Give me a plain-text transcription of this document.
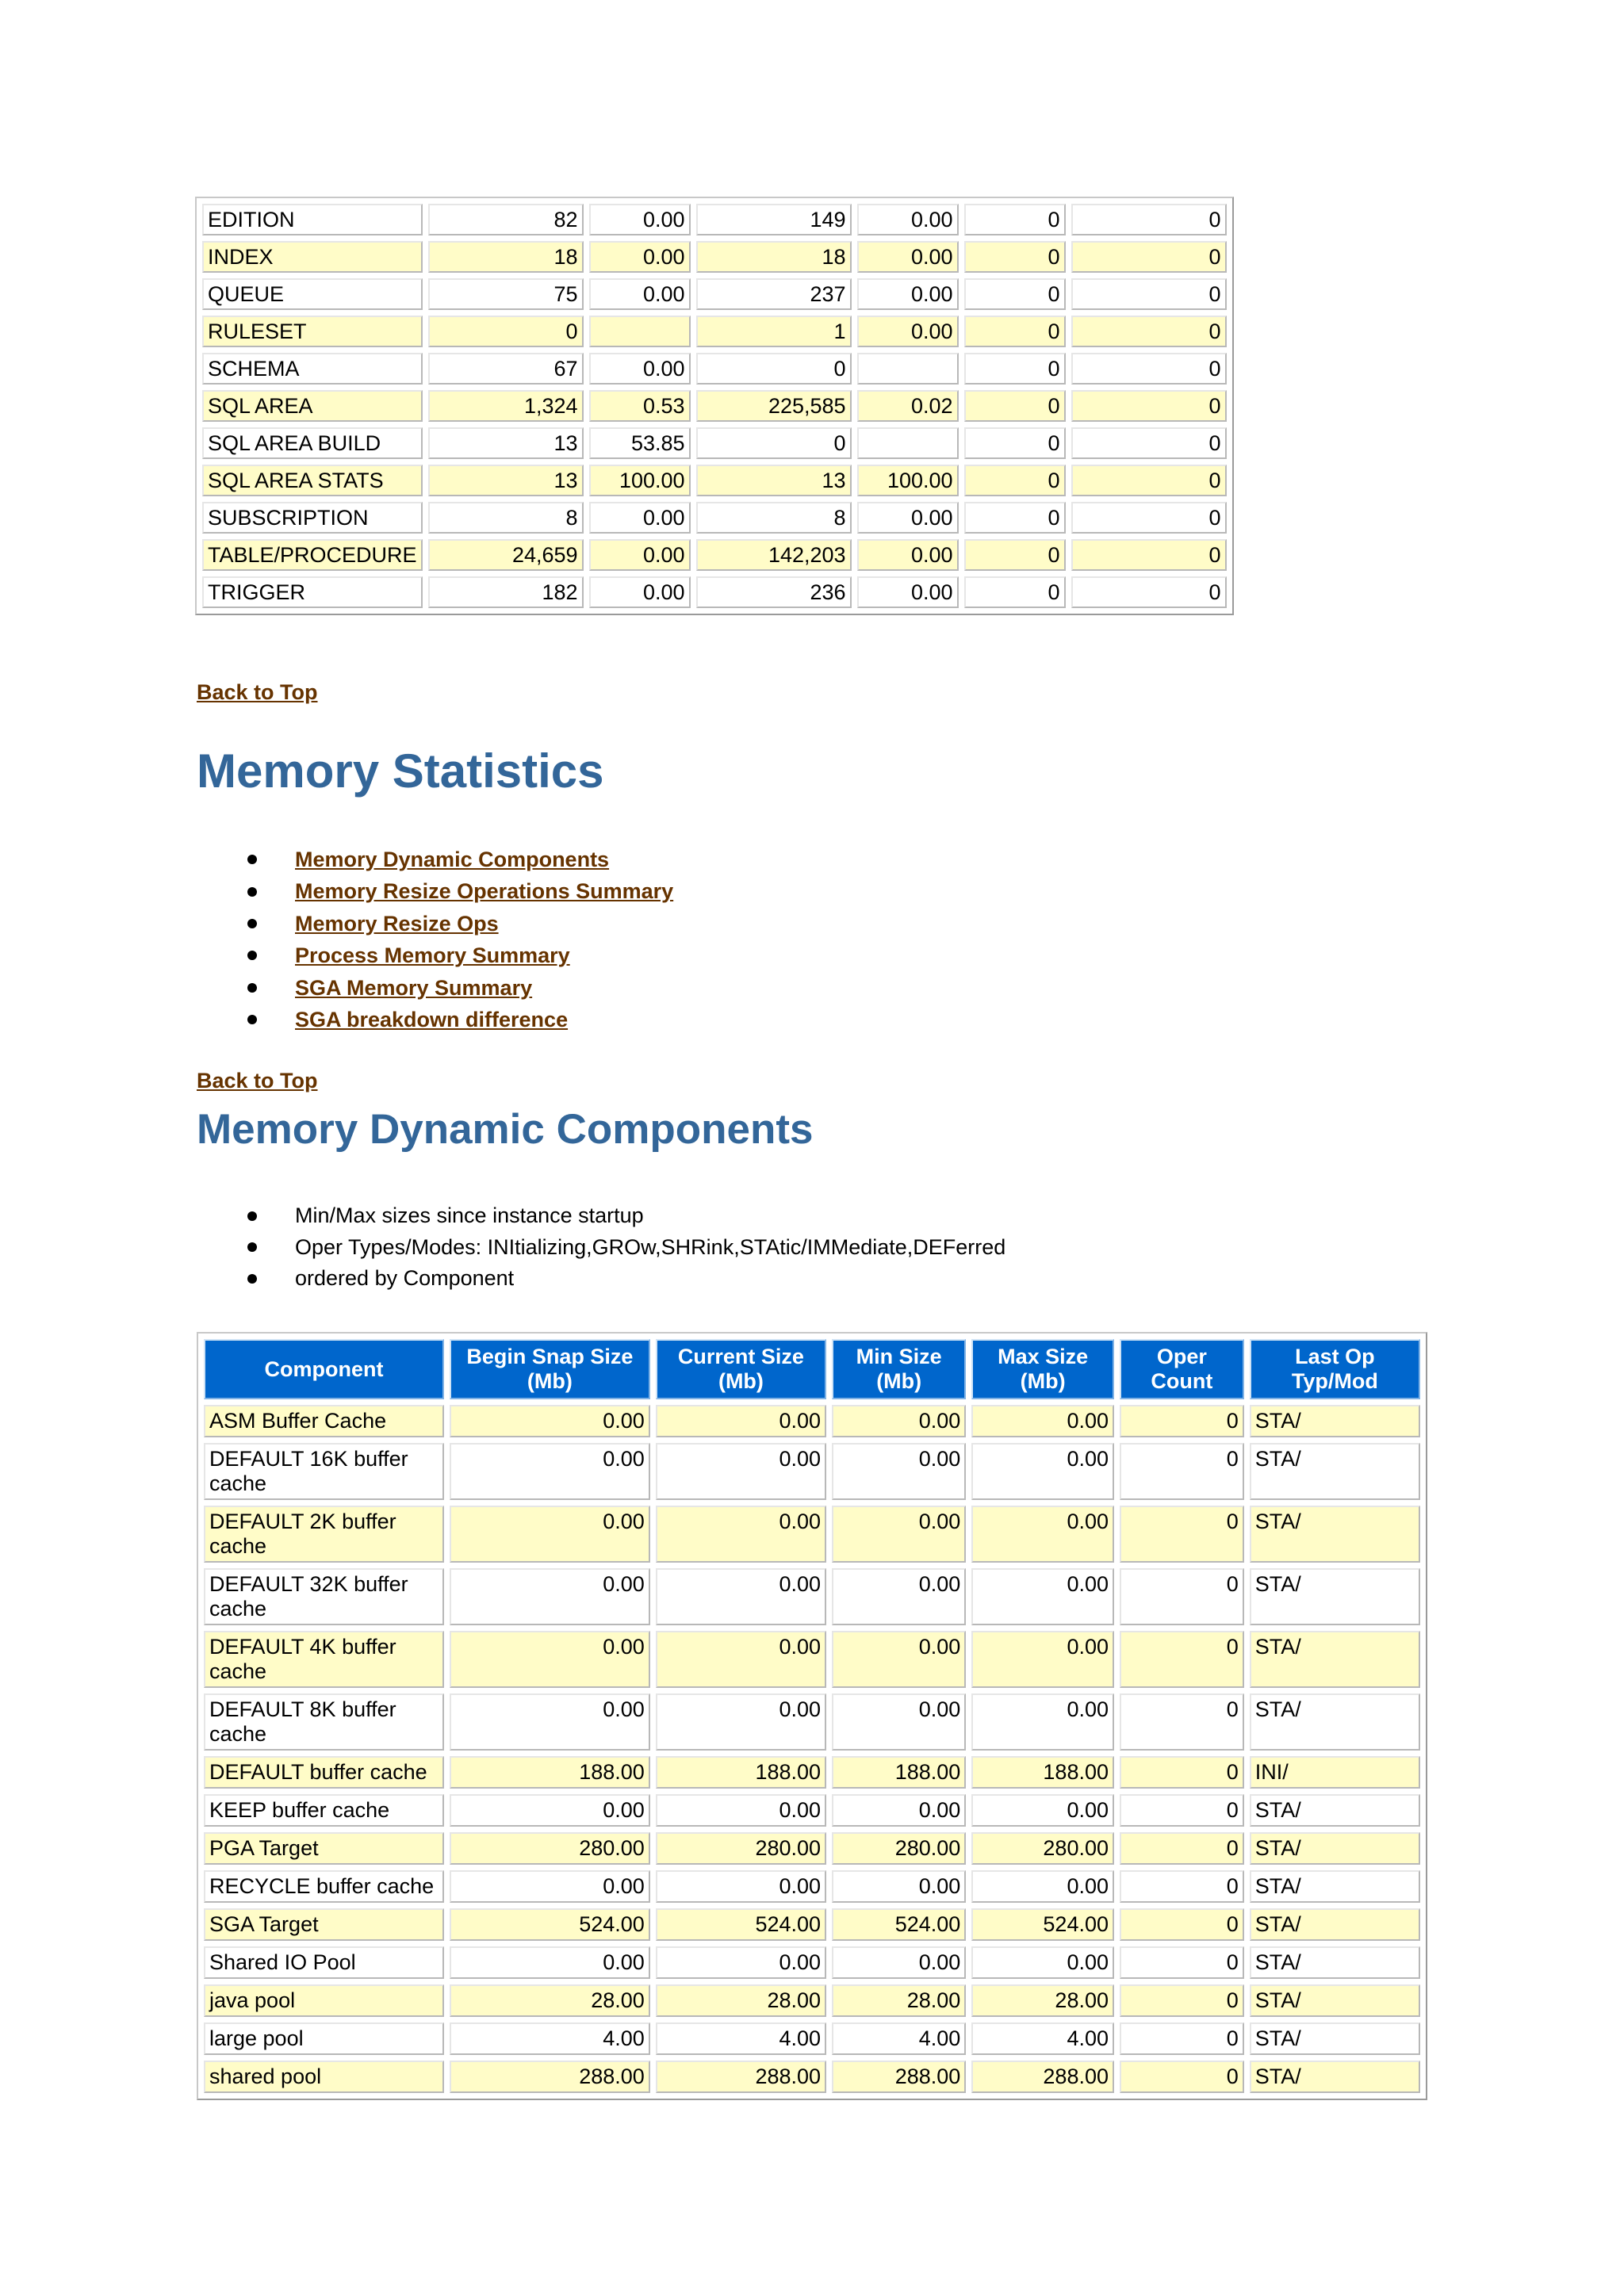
EDITION	82	0.00	149	0.00	0	0
INDEX	18	0.00	18	0.00	0	0
QUEUE	75	0.00	237	0.00	0	0
RULESET	0		1	0.00	0	0
SCHEMA	67	0.00	0		0	0
SQL AREA	1,324	0.53	225,585	0.02	0	0
SQL AREA BUILD	13	53.85	0		0	0
SQL AREA STATS	13	100.00	13	100.00	0	0
SUBSCRIPTION	8	0.00	8	0.00	0	0
TABLE/PROCEDURE	24,659	0.00	142,203	0.00	0	0
TRIGGER	182	0.00	236	0.00	0	0
Back to Top
Memory Statistics
Memory Dynamic Components
Memory Resize Operations Summary
Memory Resize Ops
Process Memory Summary
SGA Memory Summary
SGA breakdown difference
Back to Top
Memory Dynamic Components
Min/Max sizes since instance startup
Oper Types/Modes: INItializing,GROw,SHRink,STAtic/IMMediate,DEFerred
ordered by Component
Component	Begin Snap Size (Mb)	Current Size (Mb)	Min Size (Mb)	Max Size (Mb)	Oper Count	Last Op Typ/Mod
ASM Buffer Cache	0.00	0.00	0.00	0.00	0	STA/
DEFAULT 16K buffer cache	0.00	0.00	0.00	0.00	0	STA/
DEFAULT 2K buffer cache	0.00	0.00	0.00	0.00	0	STA/
DEFAULT 32K buffer cache	0.00	0.00	0.00	0.00	0	STA/
DEFAULT 4K buffer cache	0.00	0.00	0.00	0.00	0	STA/
DEFAULT 8K buffer cache	0.00	0.00	0.00	0.00	0	STA/
DEFAULT buffer cache	188.00	188.00	188.00	188.00	0	INI/
KEEP buffer cache	0.00	0.00	0.00	0.00	0	STA/
PGA Target	280.00	280.00	280.00	280.00	0	STA/
RECYCLE buffer cache	0.00	0.00	0.00	0.00	0	STA/
SGA Target	524.00	524.00	524.00	524.00	0	STA/
Shared IO Pool	0.00	0.00	0.00	0.00	0	STA/
java pool	28.00	28.00	28.00	28.00	0	STA/
large pool	4.00	4.00	4.00	4.00	0	STA/
shared pool	288.00	288.00	288.00	288.00	0	STA/
